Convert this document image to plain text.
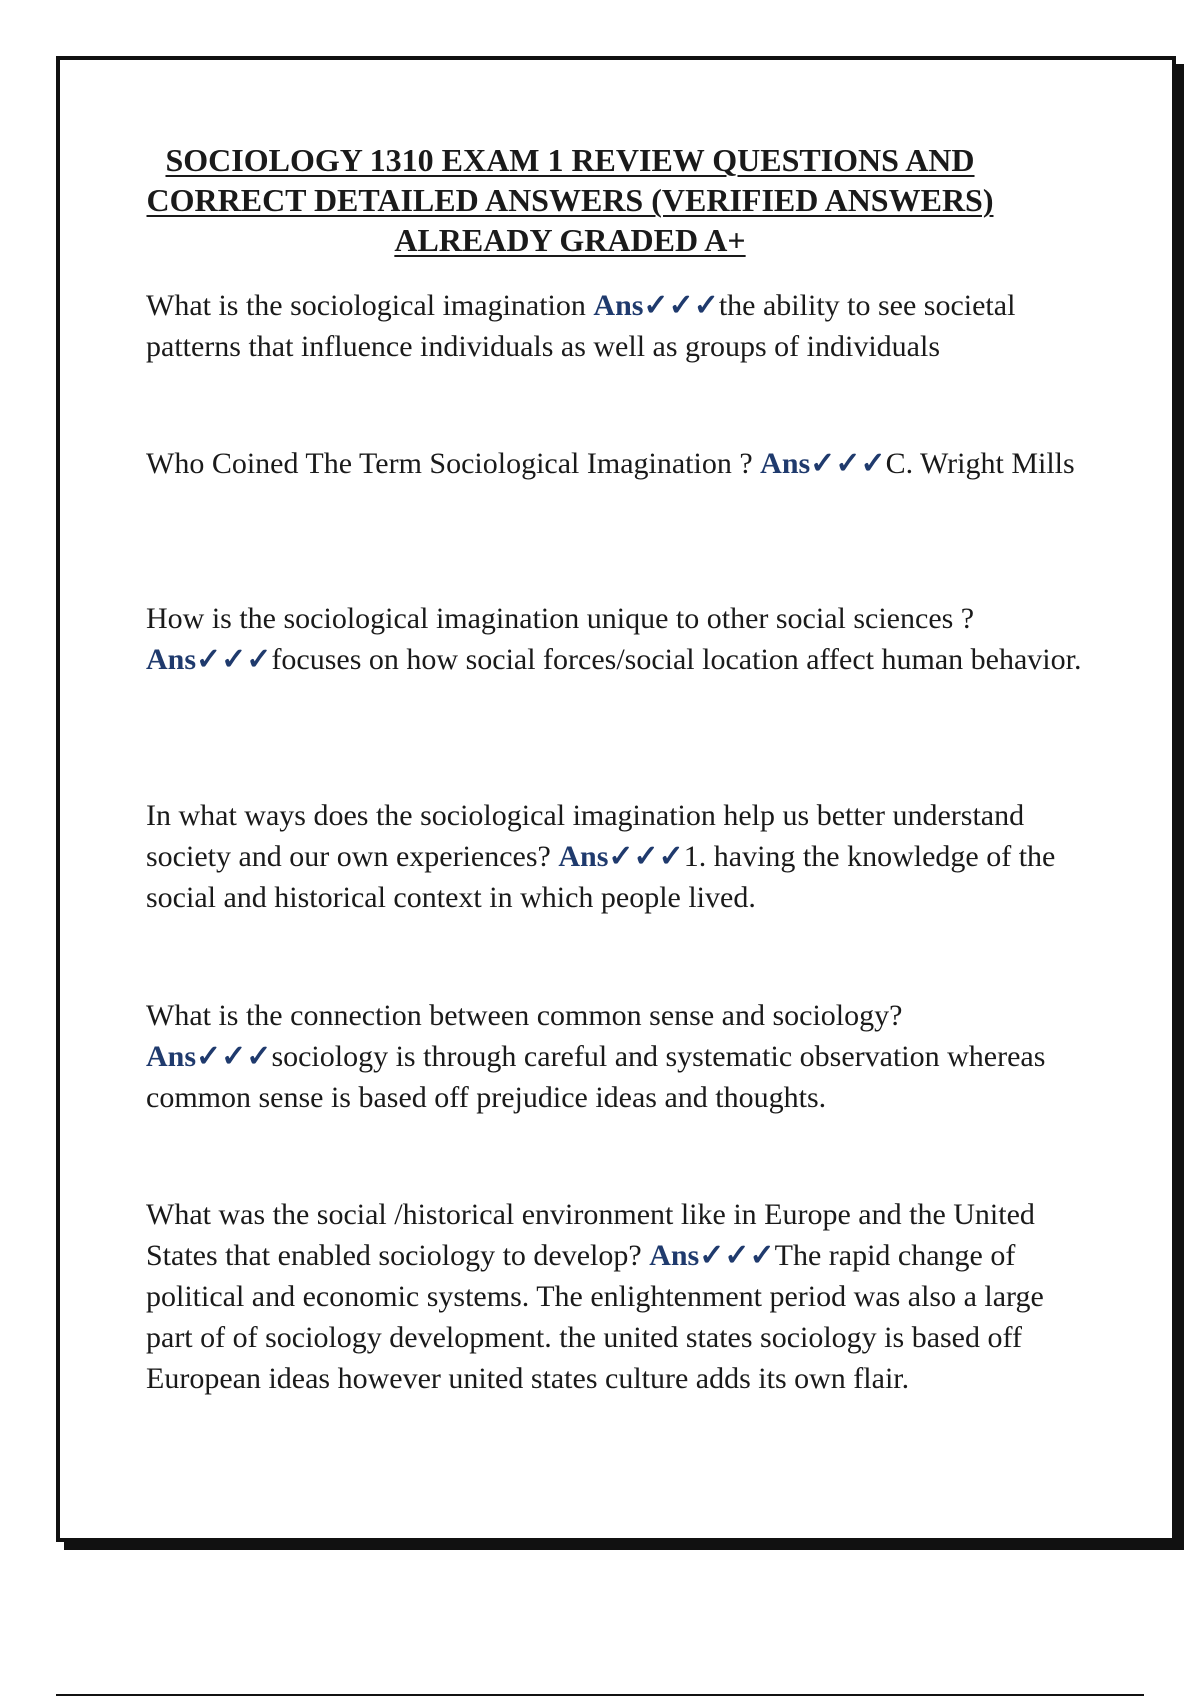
SOCIOLOGY 1310 EXAM 1 REVIEW QUESTIONS AND
CORRECT DETAILED ANSWERS (VERIFIED ANSWERS)
ALREADY GRADED A+

What is the sociological imagination Ans✓✓✓the ability to see societal patterns that influence individuals as well as groups of individuals

Who Coined The Term Sociological Imagination ? Ans✓✓✓C. Wright Mills

How is the sociological imagination unique to other social sciences ? Ans✓✓✓focuses on how social forces/social location affect human behavior.

In what ways does the sociological imagination help us better understand society and our own experiences? Ans✓✓✓1. having the knowledge of the social and historical context in which people lived.

What is the connection between common sense and sociology? Ans✓✓✓sociology is through careful and systematic observation whereas common sense is based off prejudice ideas and thoughts.

What was the social /historical environment like in Europe and the United States that enabled sociology to develop? Ans✓✓✓The rapid change of political and economic systems. The enlightenment period was also a large part of of sociology development. the united states sociology is based off European ideas however united states culture adds its own flair.
